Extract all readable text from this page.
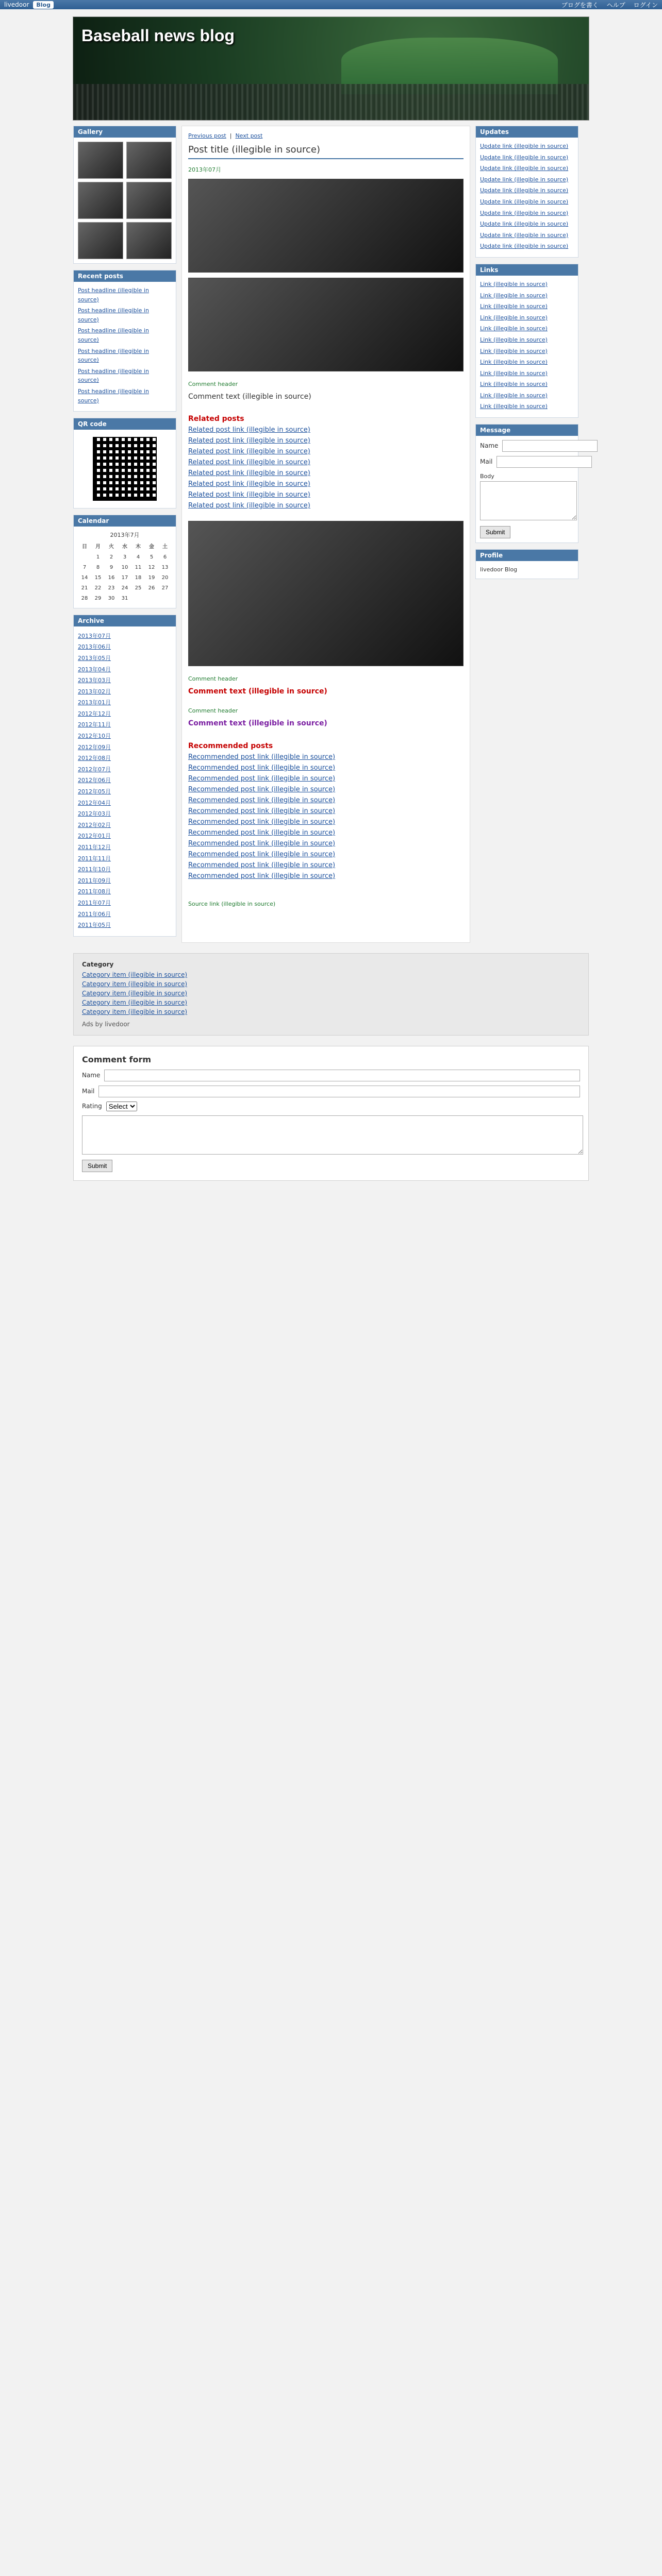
livedoor	Blog	ブログを書く ヘルプ ログイン
Baseball news blog
Gallery
Recent posts
Post headline (illegible in source)
Post headline (illegible in source)
Post headline (illegible in source)
Post headline (illegible in source)
Post headline (illegible in source)
Post headline (illegible in source)
QR code
Calendar
2013年7月
日	月	火	水	木	金	土
	1	2	3	4	5	6
7	8	9	10	11	12	13
14	15	16	17	18	19	20
21	22	23	24	25	26	27
28	29	30	31			
Archive
2013年07月
2013年06月
2013年05月
2013年04月
2013年03月
2013年02月
2013年01月
2012年12月
2012年11月
2012年10月
2012年09月
2012年08月
2012年07月
2012年06月
2012年05月
2012年04月
2012年03月
2012年02月
2012年01月
2011年12月
2011年11月
2011年10月
2011年09月
2011年08月
2011年07月
2011年06月
2011年05月
Previous post  |  Next post
Post title (illegible in source)
2013年07月
Comment header
Comment text (illegible in source)
Related posts
Related post link (illegible in source)
Related post link (illegible in source)
Related post link (illegible in source)
Related post link (illegible in source)
Related post link (illegible in source)
Related post link (illegible in source)
Related post link (illegible in source)
Related post link (illegible in source)
Comment header
Comment text (illegible in source)
Comment header
Comment text (illegible in source)
Recommended posts
Recommended post link (illegible in source)
Recommended post link (illegible in source)
Recommended post link (illegible in source)
Recommended post link (illegible in source)
Recommended post link (illegible in source)
Recommended post link (illegible in source)
Recommended post link (illegible in source)
Recommended post link (illegible in source)
Recommended post link (illegible in source)
Recommended post link (illegible in source)
Recommended post link (illegible in source)
Recommended post link (illegible in source)
Source link (illegible in source)
Updates
Update link (illegible in source)
Update link (illegible in source)
Update link (illegible in source)
Update link (illegible in source)
Update link (illegible in source)
Update link (illegible in source)
Update link (illegible in source)
Update link (illegible in source)
Update link (illegible in source)
Update link (illegible in source)
Links
Link (illegible in source)
Link (illegible in source)
Link (illegible in source)
Link (illegible in source)
Link (illegible in source)
Link (illegible in source)
Link (illegible in source)
Link (illegible in source)
Link (illegible in source)
Link (illegible in source)
Link (illegible in source)
Link (illegible in source)
Message
Name
Mail
Body
Submit
Profile
livedoor Blog
Category
Category item (illegible in source)
Category item (illegible in source)
Category item (illegible in source)
Category item (illegible in source)
Category item (illegible in source)
Ads by livedoor
Comment form
Name
Mail
Rating
Select
Submit
